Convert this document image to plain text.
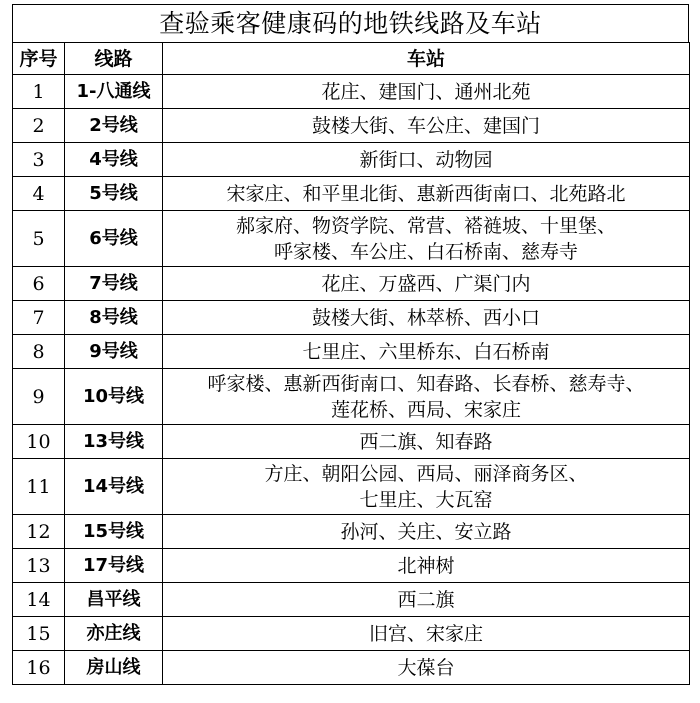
查验乘客健康码的地铁线路及车站
序号	线路	车站
1	1-八通线	花庄、建国门、通州北苑

2	2号线	鼓楼大街、车公庄、建国门

3	4号线	新街口、动物园

4	5号线	宋家庄、和平里北街、惠新西街南口、北苑路北

5	6号线	郝家府、物资学院、常营、褡裢坡、十里堡、
呼家楼、车公庄、白石桥南、慈寿寺

6	7号线	花庄、万盛西、广渠门内

7	8号线	鼓楼大街、林萃桥、西小口

8	9号线	七里庄、六里桥东、白石桥南

9	10号线	呼家楼、惠新西街南口、知春路、长春桥、慈寿寺、
莲花桥、西局、宋家庄

10	13号线	西二旗、知春路

11	14号线	方庄、朝阳公园、西局、丽泽商务区、
七里庄、大瓦窑

12	15号线	孙河、关庄、安立路

13	17号线	北神树

14	昌平线	西二旗

15	亦庄线	旧宫、宋家庄

16	房山线	大葆台
